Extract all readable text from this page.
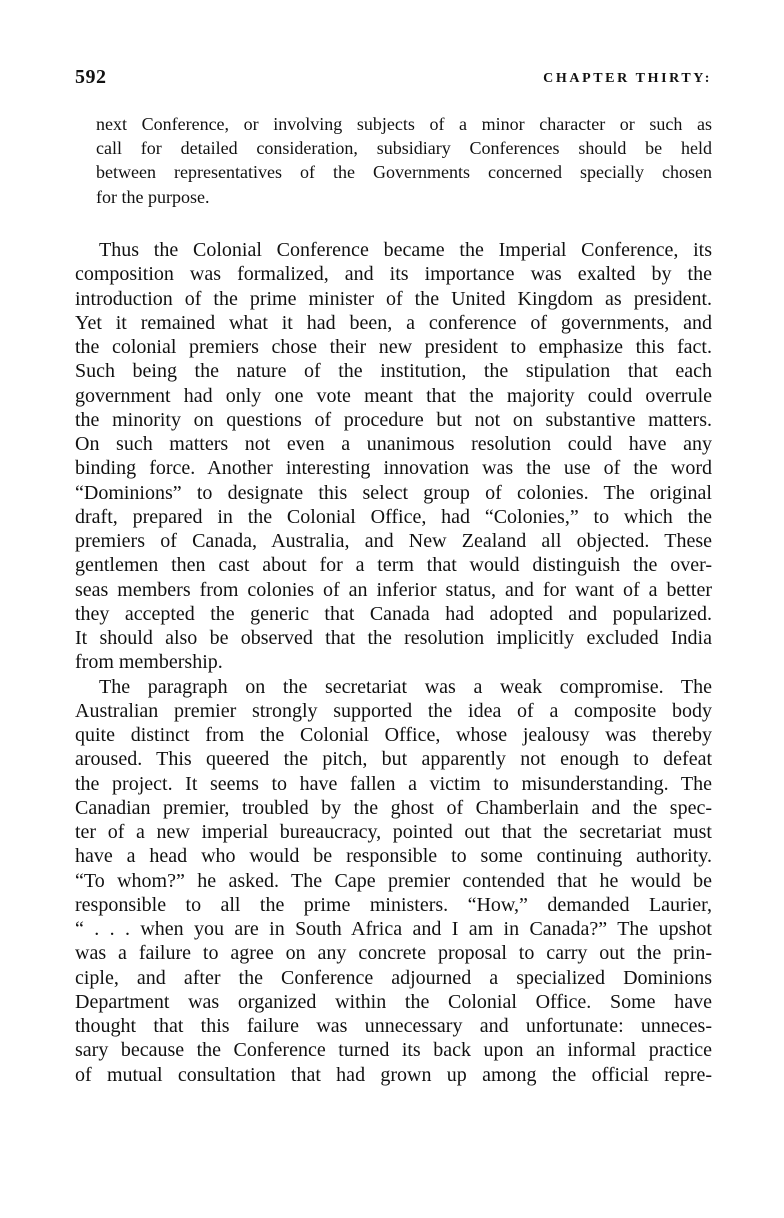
592	CHAPTER THIRTY:
next Conference, or involving subjects of a minor character or such as
call for detailed consideration, subsidiary Conferences should be held
between representatives of the Governments concerned specially chosen
for the purpose.
Thus the Colonial Conference became the Imperial Conference, its
composition was formalized, and its importance was exalted by the
introduction of the prime minister of the United Kingdom as president.
Yet it remained what it had been, a conference of governments, and
the colonial premiers chose their new president to emphasize this fact.
Such being the nature of the institution, the stipulation that each
government had only one vote meant that the majority could overrule
the minority on questions of procedure but not on substantive matters.
On such matters not even a unanimous resolution could have any
binding force. Another interesting innovation was the use of the word
“Dominions” to designate this select group of colonies. The original
draft, prepared in the Colonial Office, had “Colonies,” to which the
premiers of Canada, Australia, and New Zealand all objected. These
gentlemen then cast about for a term that would distinguish the over-
seas members from colonies of an inferior status, and for want of a better
they accepted the generic that Canada had adopted and popularized.
It should also be observed that the resolution implicitly excluded India
from membership.
The paragraph on the secretariat was a weak compromise. The
Australian premier strongly supported the idea of a composite body
quite distinct from the Colonial Office, whose jealousy was thereby
aroused. This queered the pitch, but apparently not enough to defeat
the project. It seems to have fallen a victim to misunderstanding. The
Canadian premier, troubled by the ghost of Chamberlain and the spec-
ter of a new imperial bureaucracy, pointed out that the secretariat must
have a head who would be responsible to some continuing authority.
“To whom?” he asked. The Cape premier contended that he would be
responsible to all the prime ministers. “How,” demanded Laurier,
“ . . . when you are in South Africa and I am in Canada?” The upshot
was a failure to agree on any concrete proposal to carry out the prin-
ciple, and after the Conference adjourned a specialized Dominions
Department was organized within the Colonial Office. Some have
thought that this failure was unnecessary and unfortunate: unneces-
sary because the Conference turned its back upon an informal practice
of mutual consultation that had grown up among the official repre-
